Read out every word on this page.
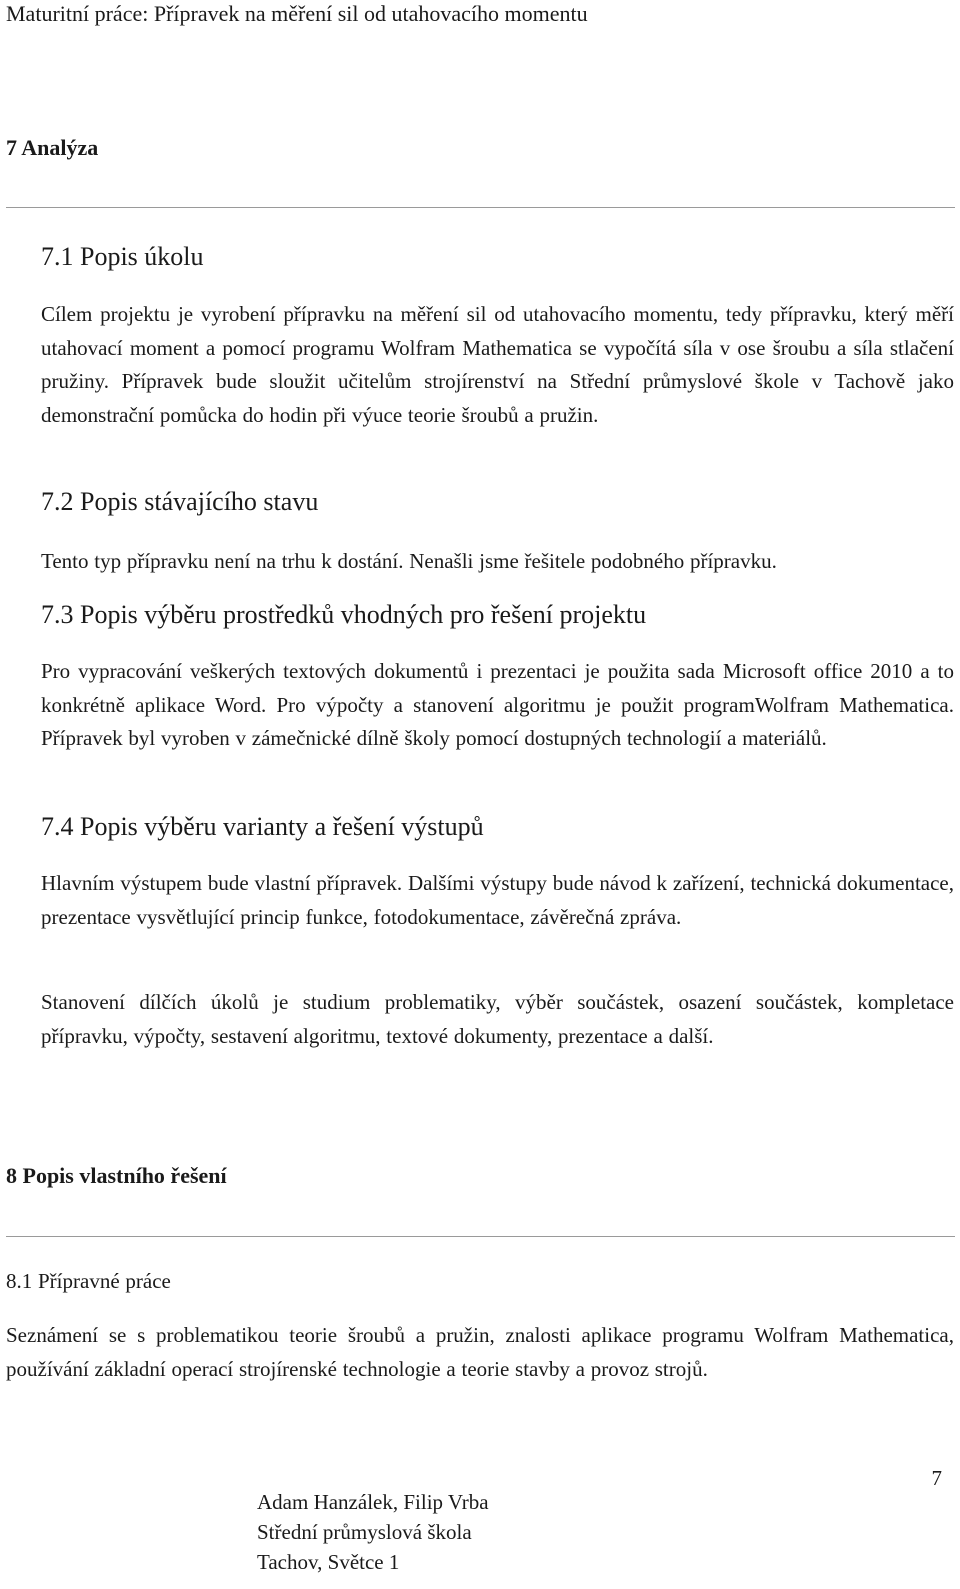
Maturitní práce: Přípravek na měření sil od utahovacího momentu
7 Analýza
7.1 Popis úkolu
Cílem projektu je vyrobení přípravku na měření sil od utahovacího momentu, tedy přípravku, který měří utahovací moment a pomocí programu Wolfram Mathematica se vypočítá síla v ose šroubu a síla stlačení pružiny. Přípravek bude sloužit učitelům strojírenství na Střední průmyslové škole v Tachově jako demonstrační pomůcka do hodin při výuce teorie šroubů a pružin.
7.2 Popis stávajícího stavu
Tento typ přípravku není na trhu k dostání. Nenašli jsme řešitele podobného přípravku.
7.3 Popis výběru prostředků vhodných pro řešení projektu
Pro vypracování veškerých textových dokumentů i prezentaci je použita sada Microsoft office 2010 a to konkrétně aplikace Word. Pro výpočty a stanovení algoritmu je použit programWolfram Mathematica. Přípravek byl vyroben v zámečnické dílně školy pomocí dostupných technologií a materiálů.
7.4 Popis výběru varianty a řešení výstupů
Hlavním výstupem bude vlastní přípravek. Dalšími výstupy bude návod k zařízení, technická dokumentace, prezentace vysvětlující princip funkce, fotodokumentace, závěrečná zpráva.
Stanovení dílčích úkolů je studium problematiky, výběr součástek, osazení součástek, kompletace přípravku, výpočty, sestavení algoritmu, textové dokumenty, prezentace a další.
8 Popis vlastního řešení
8.1 Přípravné práce
Seznámení se s problematikou teorie šroubů a pružin, znalosti aplikace programu Wolfram Mathematica, používání základní operací strojírenské technologie a teorie stavby a provoz strojů.
Adam Hanzálek, Filip Vrba
Střední průmyslová škola
Tachov, Světce 1
7
